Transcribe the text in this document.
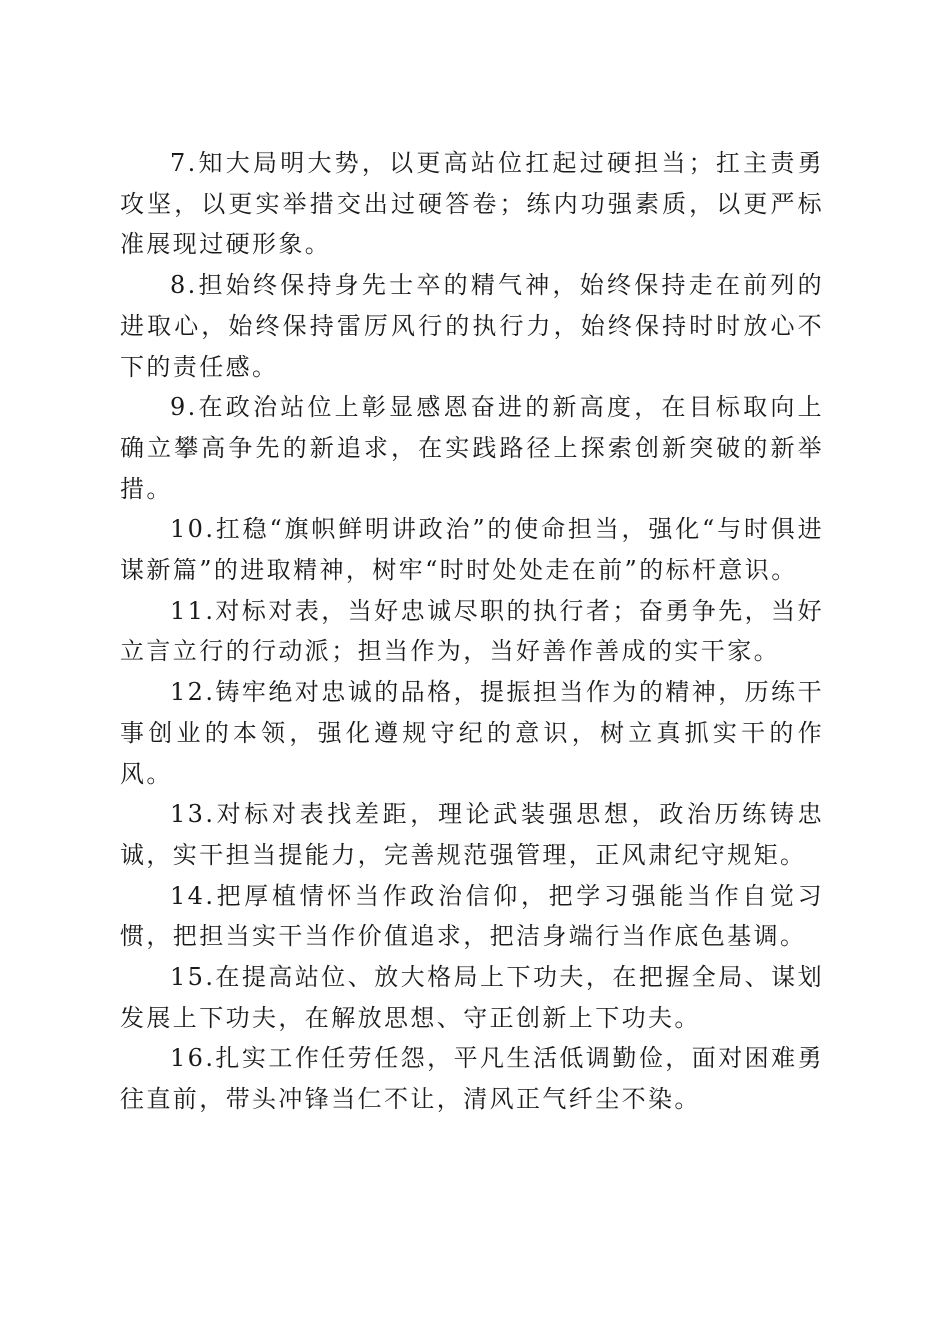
7.知大局明大势，以更高站位扛起过硬担当；扛主责勇攻坚，以更实举措交出过硬答卷；练内功强素质，以更严标准展现过硬形象。

8.担始终保持身先士卒的精气神，始终保持走在前列的进取心，始终保持雷厉风行的执行力，始终保持时时放心不下的责任感。

9.在政治站位上彰显感恩奋进的新高度，在目标取向上确立攀高争先的新追求，在实践路径上探索创新突破的新举措。

10.扛稳“旗帜鲜明讲政治”的使命担当，强化“与时俱进谋新篇”的进取精神，树牢“时时处处走在前”的标杆意识。

11.对标对表，当好忠诚尽职的执行者；奋勇争先，当好立言立行的行动派；担当作为，当好善作善成的实干家。

12.铸牢绝对忠诚的品格，提振担当作为的精神，历练干事创业的本领，强化遵规守纪的意识，树立真抓实干的作风。

13.对标对表找差距，理论武装强思想，政治历练铸忠诚，实干担当提能力，完善规范强管理，正风肃纪守规矩。

14.把厚植情怀当作政治信仰，把学习强能当作自觉习惯，把担当实干当作价值追求，把洁身端行当作底色基调。

15.在提高站位、放大格局上下功夫，在把握全局、谋划发展上下功夫，在解放思想、守正创新上下功夫。

16.扎实工作任劳任怨，平凡生活低调勤俭，面对困难勇往直前，带头冲锋当仁不让，清风正气纤尘不染。
